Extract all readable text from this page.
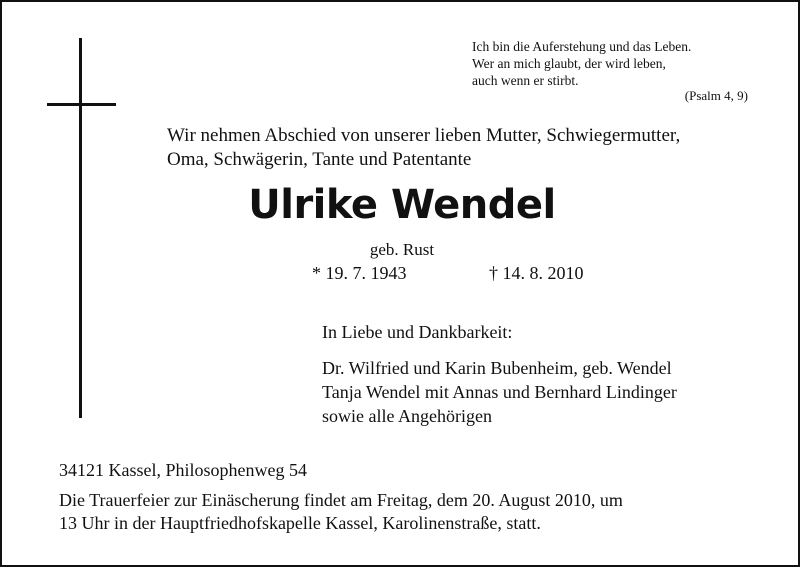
Ich bin die Auferstehung und das Leben.
Wer an mich glaubt, der wird leben,
auch wenn er stirbt.
(Psalm 4, 9)
Wir nehmen Abschied von unserer lieben Mutter, Schwiegermutter,
Oma, Schwägerin, Tante und Patentante
Ulrike Wendel
geb. Rust
* 19. 7. 1943	† 14. 8. 2010
In Liebe und Dankbarkeit:
Dr. Wilfried und Karin Bubenheim, geb. Wendel
Tanja Wendel mit Annas und Bernhard Lindinger
sowie alle Angehörigen
34121 Kassel, Philosophenweg 54
Die Trauerfeier zur Einäscherung findet am Freitag, dem 20. August 2010, um
13 Uhr in der Hauptfriedhofskapelle Kassel, Karolinenstraße, statt.
